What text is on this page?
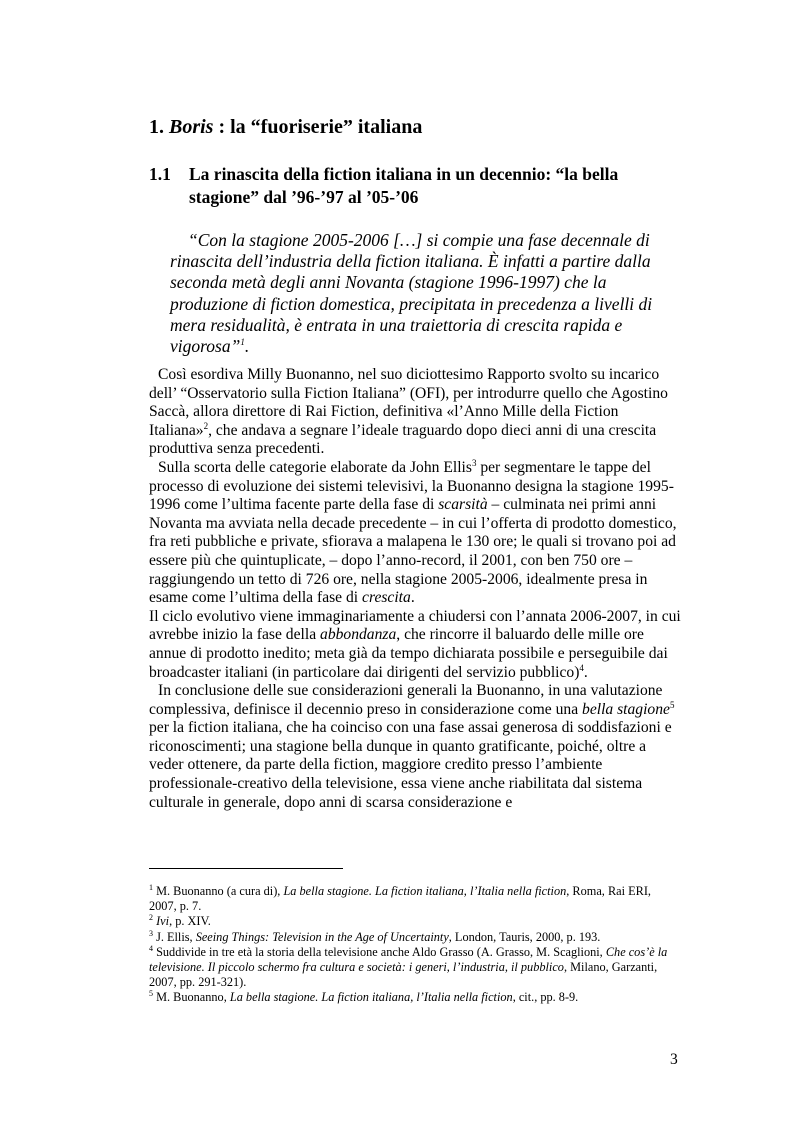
1. Boris : la “fuoriserie” italiana
1.1 La rinascita della fiction italiana in un decennio: “la bella stagione” dal ’96-’97 al ’05-’06
“Con la stagione 2005-2006 […] si compie una fase decennale di rinascita dell’industria della fiction italiana. È infatti a partire dalla seconda metà degli anni Novanta (stagione 1996-1997) che la produzione di fiction domestica, precipitata in precedenza a livelli di mera residualità, è entrata in una traiettoria di crescita rapida e vigorosa”$^1$.

Così esordiva Milly Buonanno, nel suo diciottesimo Rapporto svolto su incarico dell’ “Osservatorio sulla Fiction Italiana” (OFI), per introdurre quello che Agostino Saccà, allora direttore di Rai Fiction, definitiva «l’Anno Mille della Fiction Italiana»$^2$, che andava a segnare l’ideale traguardo dopo dieci anni di una crescita produttiva senza precedenti.

Sulla scorta delle categorie elaborate da John Ellis$^3$ per segmentare le tappe del processo di evoluzione dei sistemi televisivi, la Buonanno designa la stagione 1995-1996 come l’ultima facente parte della fase di scarsità – culminata nei primi anni Novanta ma avviata nella decade precedente – in cui l’offerta di prodotto domestico, fra reti pubbliche e private, sfiorava a malapena le 130 ore; le quali si trovano poi ad essere più che quintuplicate, – dopo l’anno-record, il 2001, con ben 750 ore – raggiungendo un tetto di 726 ore, nella stagione 2005-2006, idealmente presa in esame come l’ultima della fase di crescita.

Il ciclo evolutivo viene immaginariamente a chiudersi con l’annata 2006-2007, in cui avrebbe inizio la fase della abbondanza, che rincorre il baluardo delle mille ore annue di prodotto inedito; meta già da tempo dichiarata possibile e perseguibile dai broadcaster italiani (in particolare dai dirigenti del servizio pubblico)$^4$.

In conclusione delle sue considerazioni generali la Buonanno, in una valutazione complessiva, definisce il decennio preso in considerazione come una bella stagione$^5$ per la fiction italiana, che ha coinciso con una fase assai generosa di soddisfazioni e riconoscimenti; una stagione bella dunque in quanto gratificante, poiché, oltre a veder ottenere, da parte della fiction, maggiore credito presso l’ambiente professionale-creativo della televisione, essa viene anche riabilitata dal sistema culturale in generale, dopo anni di scarsa considerazione e

$^1$ M. Buonanno (a cura di), La bella stagione. La fiction italiana, l’Italia nella fiction, Roma, Rai ERI, 2007, p. 7.

$^2$ Ivi, p. XIV.

$^3$ J. Ellis, Seeing Things: Television in the Age of Uncertainty, London, Tauris, 2000, p. 193.

$^4$ Suddivide in tre età la storia della televisione anche Aldo Grasso (A. Grasso, M. Scaglioni, Che cos’è la televisione. Il piccolo schermo fra cultura e società: i generi, l’industria, il pubblico, Milano, Garzanti, 2007, pp. 291-321).

$^5$ M. Buonanno, La bella stagione. La fiction italiana, l’Italia nella fiction, cit., pp. 8-9.

3
